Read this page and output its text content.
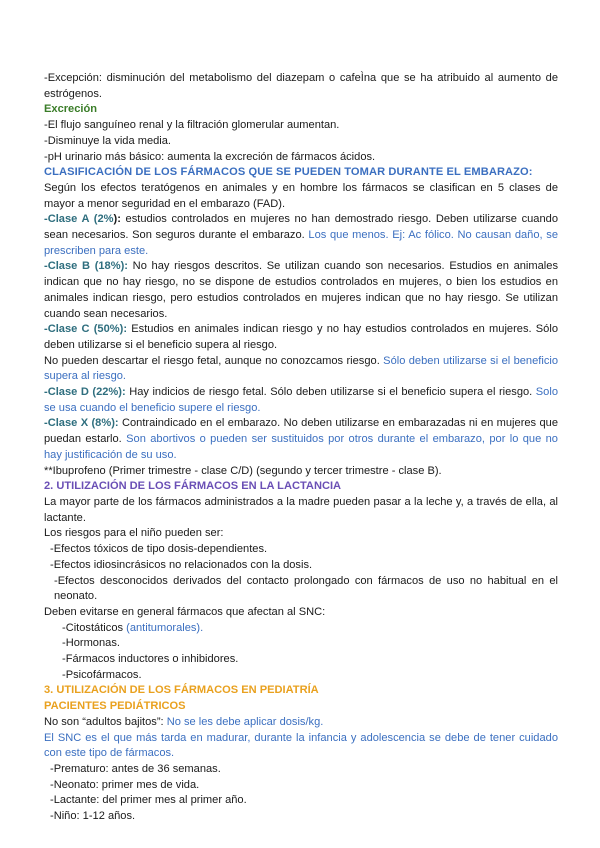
-Excepción: disminución del metabolismo del diazepam o cafeÌna que se ha atribuido al aumento de estrógenos.

Excreción

-El flujo sanguíneo renal y la filtración glomerular aumentan.

-Disminuye la vida media.

-pH urinario más básico: aumenta la excreción de fármacos ácidos.

CLASIFICACIÓN DE LOS FÁRMACOS QUE SE PUEDEN TOMAR DURANTE EL EMBARAZO:

Según los efectos teratógenos en animales y en hombre los fármacos se clasifican en 5 clases de mayor a menor seguridad en el embarazo (FAD).

-Clase A (2%): estudios controlados en mujeres no han demostrado riesgo. Deben utilizarse cuando sean necesarios. Son seguros durante el embarazo. Los que menos. Ej: Ac fólico. No causan daño, se prescriben para este.

-Clase B (18%): No hay riesgos descritos. Se utilizan cuando son necesarios. Estudios en animales indican que no hay riesgo, no se dispone de estudios controlados en mujeres, o bien los estudios en animales indican riesgo, pero estudios controlados en mujeres indican que no hay riesgo. Se utilizan cuando sean necesarios.

-Clase C (50%): Estudios en animales indican riesgo y no hay estudios controlados en mujeres. Sólo deben utilizarse si el beneficio supera al riesgo.

No pueden descartar el riesgo fetal, aunque no conozcamos riesgo. Sólo deben utilizarse si el beneficio supera al riesgo.

-Clase D (22%): Hay indicios de riesgo fetal. Sólo deben utilizarse si el beneficio supera el riesgo. Solo se usa cuando el beneficio supere el riesgo.

-Clase X (8%): Contraindicado en el embarazo. No deben utilizarse en embarazadas ni en mujeres que puedan estarlo. Son abortivos o pueden ser sustituidos por otros durante el embarazo, por lo que no hay justificación de su uso.

**Ibuprofeno (Primer trimestre - clase C/D) (segundo y tercer trimestre - clase B).

2. UTILIZACIÓN DE LOS FÁRMACOS EN LA LACTANCIA

La mayor parte de los fármacos administrados a la madre pueden pasar a la leche y, a través de ella, al lactante.

Los riesgos para el niño pueden ser:

-Efectos tóxicos de tipo dosis-dependientes.

-Efectos idiosincrásicos no relacionados con la dosis.

-Efectos desconocidos derivados del contacto prolongado con fármacos de uso no habitual en el neonato.

Deben evitarse en general fármacos que afectan al SNC:

-Citostáticos (antitumorales).

-Hormonas.

-Fármacos inductores o inhibidores.

-Psicofármacos.

3. UTILIZACIÓN DE LOS FÁRMACOS EN PEDIATRÍA

PACIENTES PEDIÁTRICOS

No son “adultos bajitos”: No se les debe aplicar dosis/kg.

El SNC es el que más tarda en madurar, durante la infancia y adolescencia se debe de tener cuidado con este tipo de fármacos.

-Prematuro: antes de 36 semanas.

-Neonato: primer mes de vida.

-Lactante: del primer mes al primer año.

-Niño: 1-12 años.
